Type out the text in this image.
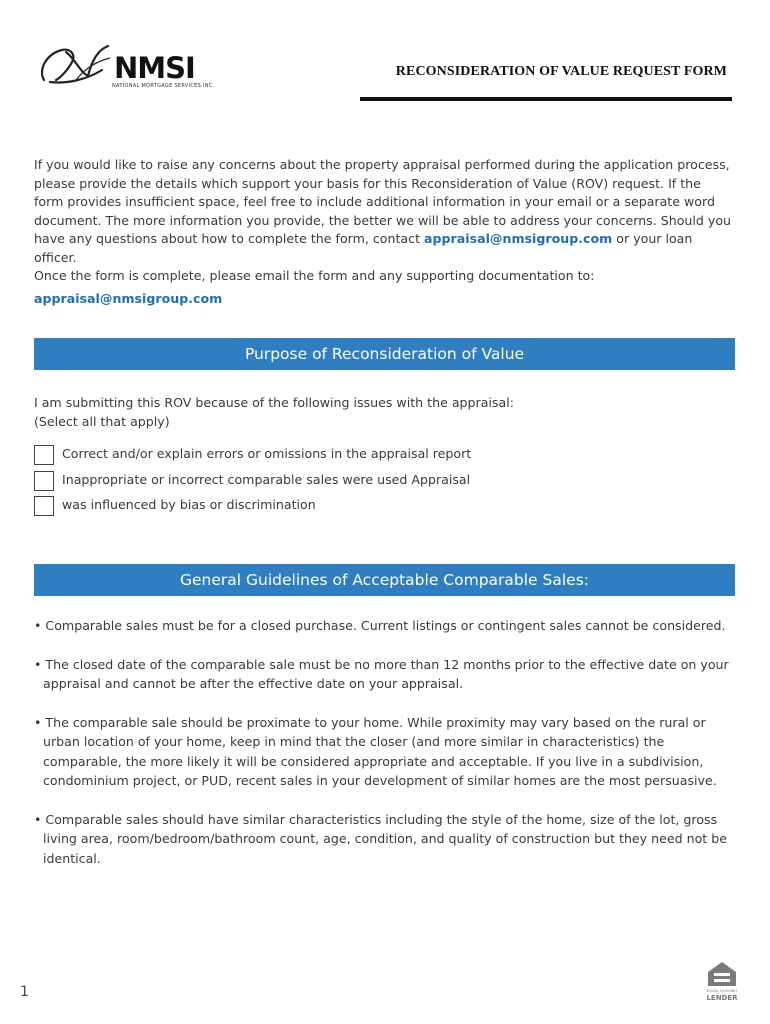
NMSI
NATIONAL MORTGAGE SERVICES INC.
RECONSIDERATION OF VALUE REQUEST FORM
If you would like to raise any concerns about the property appraisal performed during the application process, please provide the details which support your basis for this Reconsideration of Value (ROV) request. If the form provides insufficient space, feel free to include additional information in your email or a separate word document. The more information you provide, the better we will be able to address your concerns. Should you have any questions about how to complete the form, contact appraisal@nmsigroup.com or your loan officer.
Once the form is complete, please email the form and any supporting documentation to:
appraisal@nmsigroup.com
Purpose of Reconsideration of Value
I am submitting this ROV because of the following issues with the appraisal:
(Select all that apply)
Correct and/or explain errors or omissions in the appraisal report
Inappropriate or incorrect comparable sales were used Appraisal
was influenced by bias or discrimination
General Guidelines of Acceptable Comparable Sales:
• Comparable sales must be for a closed purchase. Current listings or contingent sales cannot be considered.
• The closed date of the comparable sale must be no more than 12 months prior to the effective date on your appraisal and cannot be after the effective date on your appraisal.
• The comparable sale should be proximate to your home. While proximity may vary based on the rural or urban location of your home, keep in mind that the closer (and more similar in characteristics) the comparable, the more likely it will be considered appropriate and acceptable. If you live in a subdivision, condominium project, or PUD, recent sales in your development of similar homes are the most persuasive.
• Comparable sales should have similar characteristics including the style of the home, size of the lot, gross living area, room/bedroom/bathroom count, age, condition, and quality of construction but they need not be identical.
1	EQUAL HOUSING
LENDER
